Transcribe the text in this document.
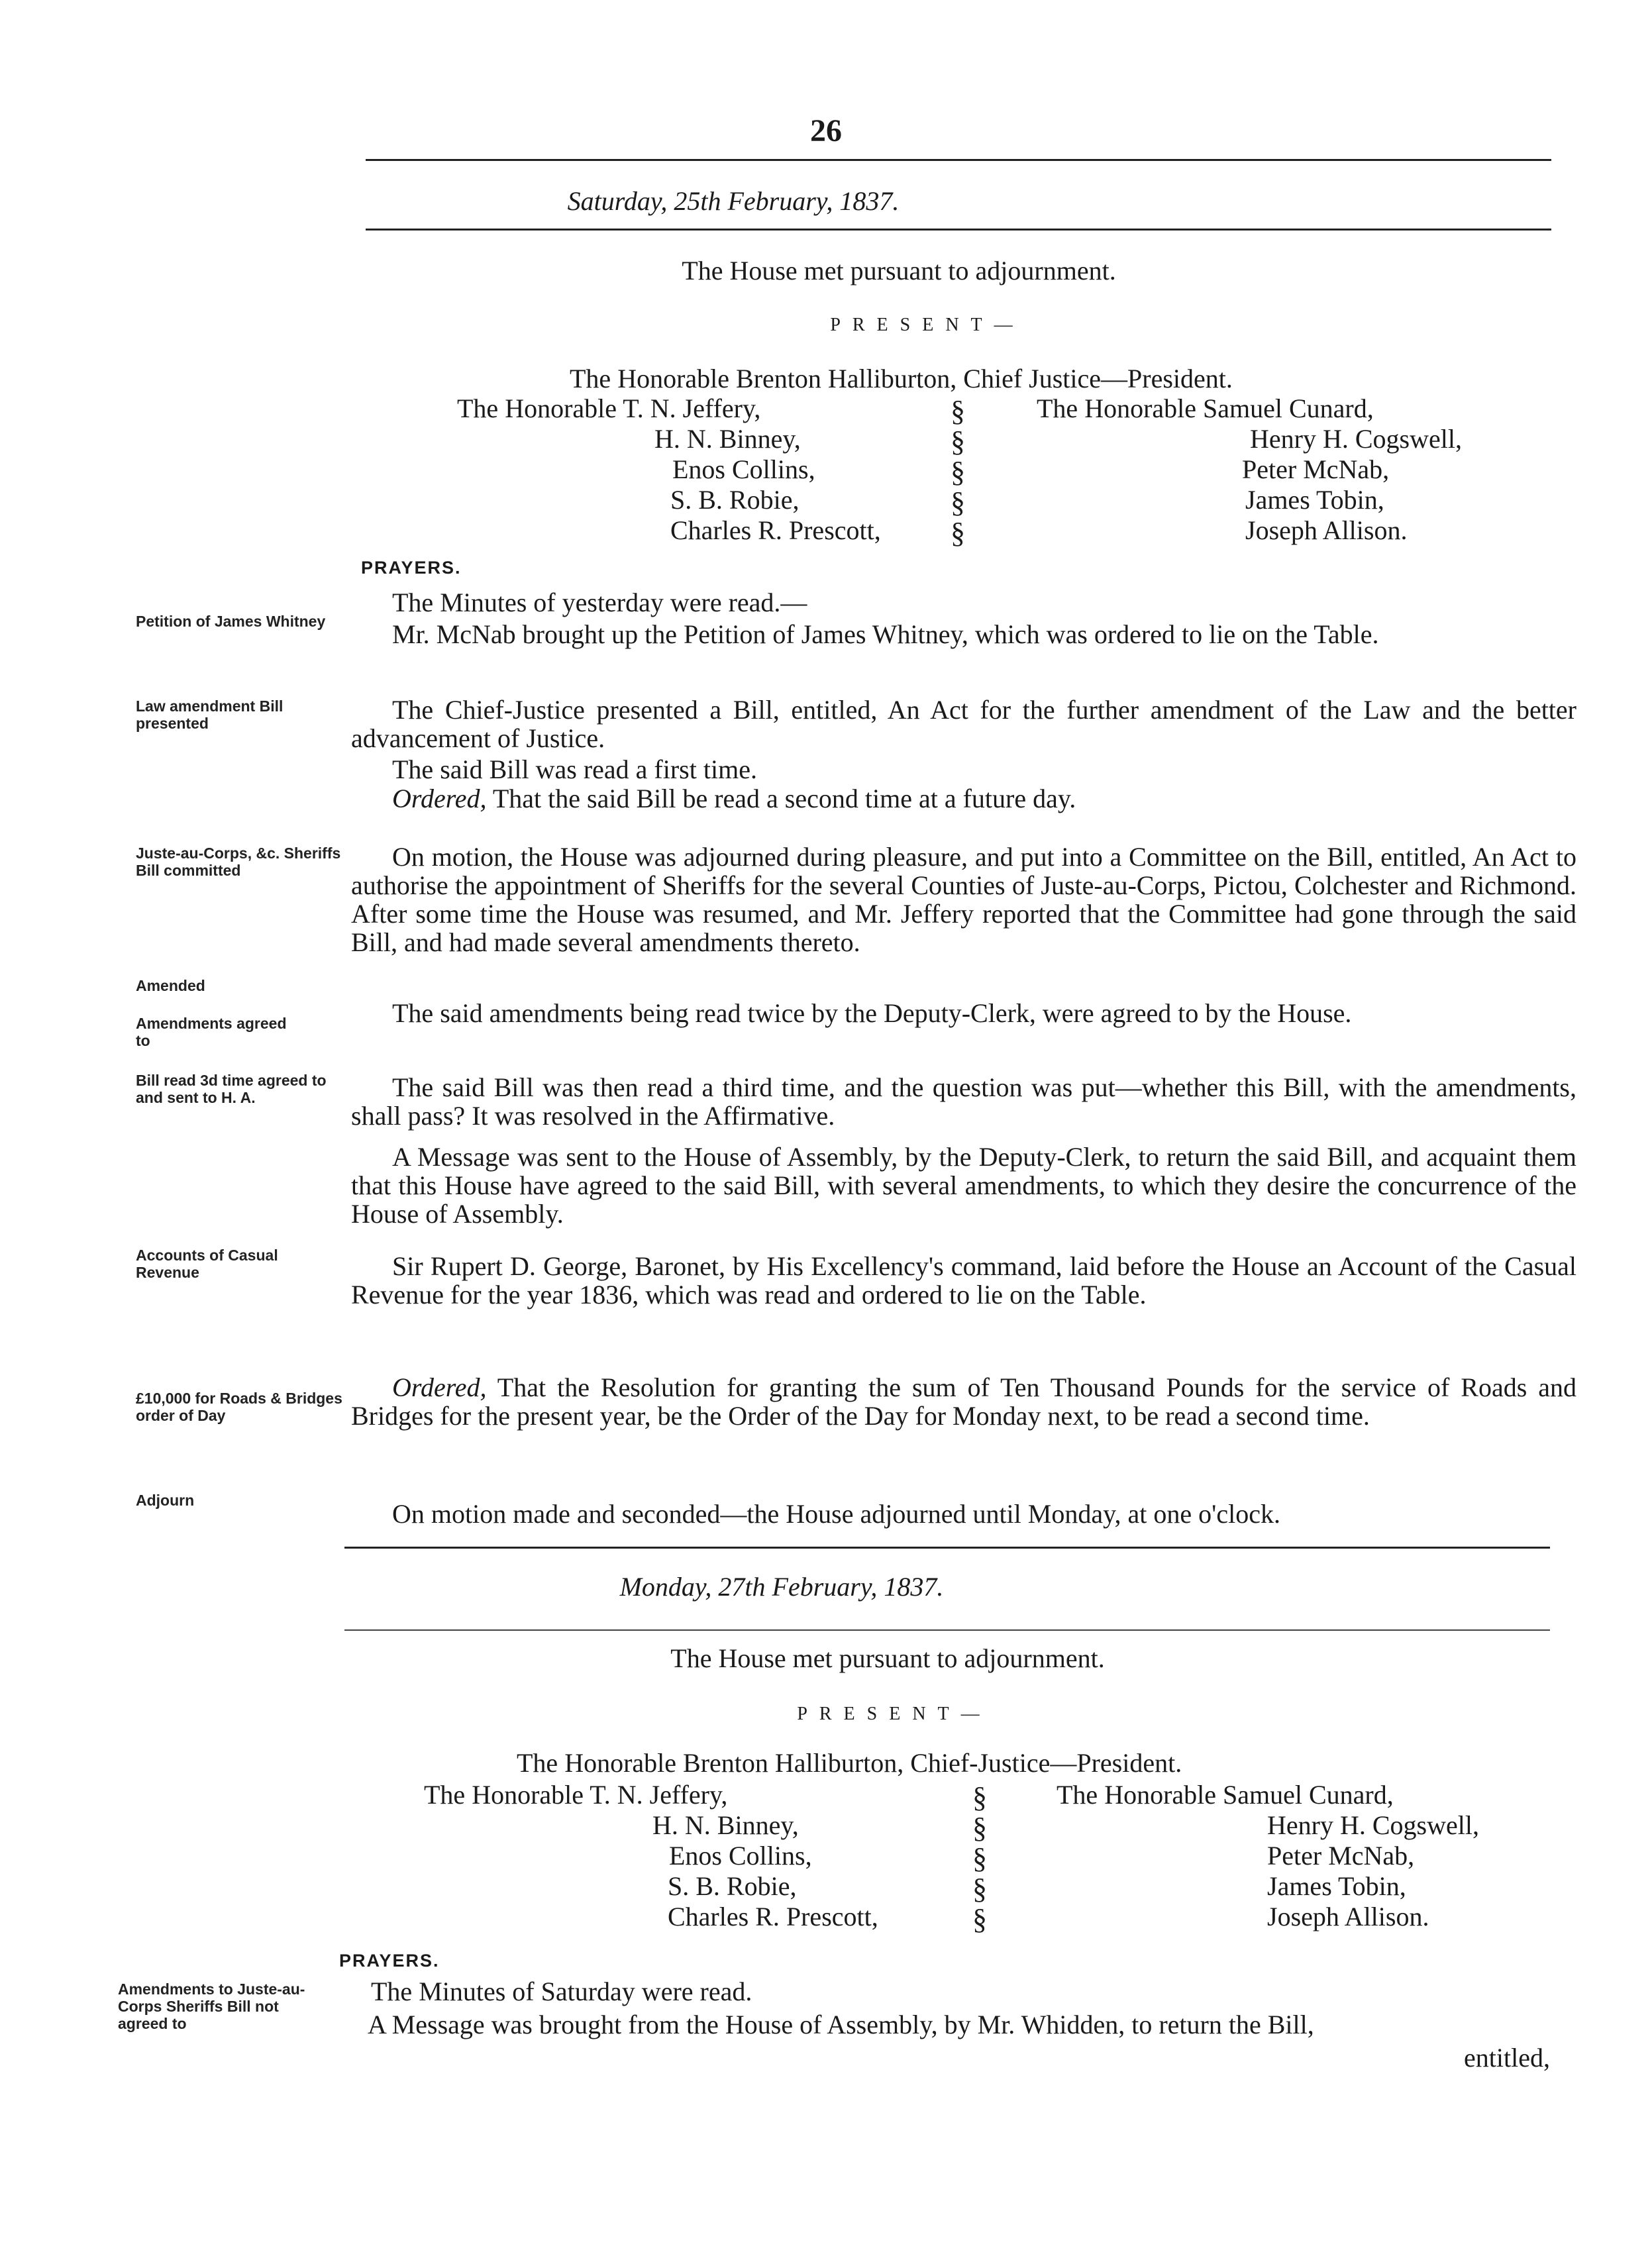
26
Saturday, 25th February, 1837.
The House met pursuant to adjournment.
PRESENT—
The Honorable Brenton Halliburton, Chief Justice—President.
The Honorable T. N. Jeffery,
H. N. Binney,
Enos Collins,
S. B. Robie,
Charles R. Prescott,
§
§
§
§
§
The Honorable Samuel Cunard,
Henry H. Cogswell,
Peter McNab,
James Tobin,
Joseph Allison.
PRAYERS.
The Minutes of yesterday were read.—
Petition of James Whitney
Law amendment Bill presented
Juste-au-Corps, &c. Sheriffs Bill committed
Amended
Amendments agreed to
Bill read 3d time agreed to and sent to H. A.
Accounts of Casual Revenue
£10,000 for Roads & Bridges order of Day
Adjourn
Mr. McNab brought up the Petition of James Whitney, which was ordered to lie on the Table.
The Chief-Justice presented a Bill, entitled, An Act for the further amendment of the Law and the better advancement of Justice.
The said Bill was read a first time.
Ordered, That the said Bill be read a second time at a future day.
On motion, the House was adjourned during pleasure, and put into a Committee on the Bill, entitled, An Act to authorise the appointment of Sheriffs for the several Counties of Juste-au-Corps, Pictou, Colchester and Richmond. After some time the House was resumed, and Mr. Jeffery reported that the Committee had gone through the said Bill, and had made several amendments thereto.
The said amendments being read twice by the Deputy-Clerk, were agreed to by the House.
The said Bill was then read a third time, and the question was put—whether this Bill, with the amendments, shall pass? It was resolved in the Affirmative.
A Message was sent to the House of Assembly, by the Deputy-Clerk, to return the said Bill, and acquaint them that this House have agreed to the said Bill, with several amendments, to which they desire the concurrence of the House of Assembly.
Sir Rupert D. George, Baronet, by His Excellency's command, laid before the House an Account of the Casual Revenue for the year 1836, which was read and ordered to lie on the Table.
Ordered, That the Resolution for granting the sum of Ten Thousand Pounds for the service of Roads and Bridges for the present year, be the Order of the Day for Monday next, to be read a second time.
On motion made and seconded—the House adjourned until Monday, at one o'clock.
Monday, 27th February, 1837.
The House met pursuant to adjournment.
PRESENT—
The Honorable Brenton Halliburton, Chief-Justice—President.
The Honorable T. N. Jeffery,
H. N. Binney,
Enos Collins,
S. B. Robie,
Charles R. Prescott,
§
§
§
§
§
The Honorable Samuel Cunard,
Henry H. Cogswell,
Peter McNab,
James Tobin,
Joseph Allison.
PRAYERS.
The Minutes of Saturday were read.
Amendments to Juste-au-Corps Sheriffs Bill not agreed to	A Message was brought from the House of Assembly, by Mr. Whidden, to return the Bill,
entitled,
